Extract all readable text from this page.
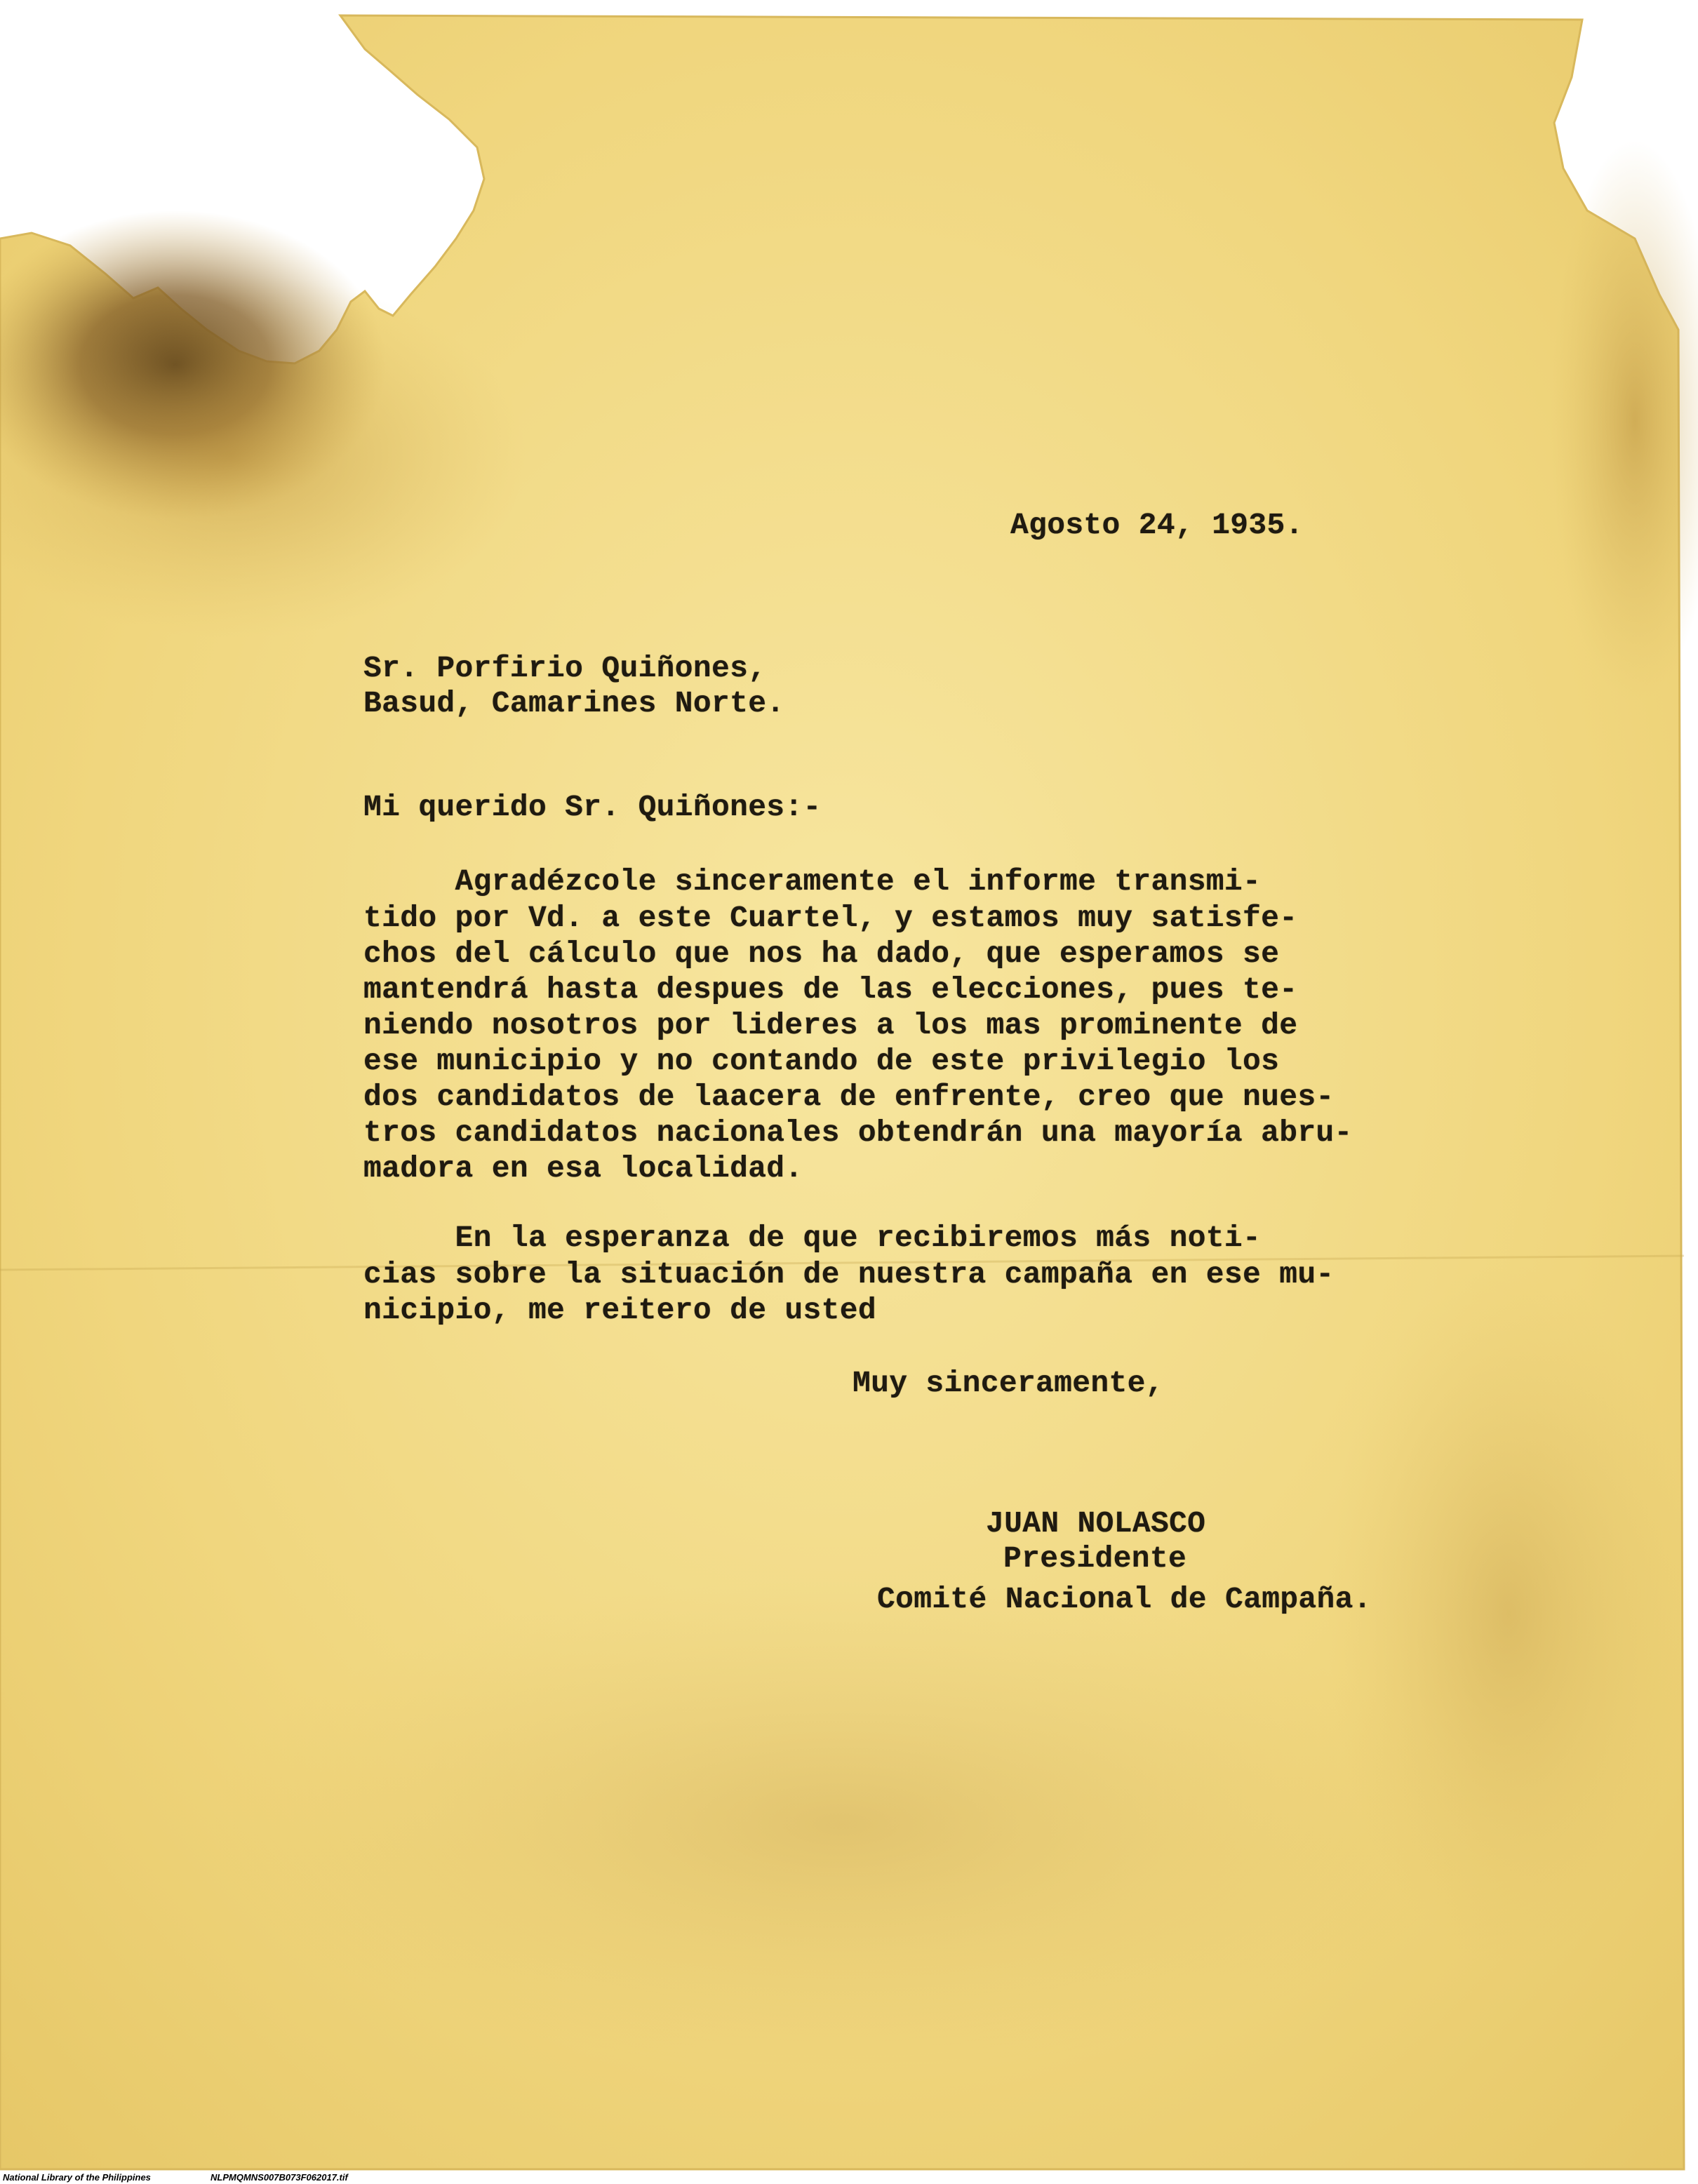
Agosto 24, 1935.
Sr. Porfirio Quiñones,
Basud, Camarines Norte.
Mi querido Sr. Quiñones:-
Agradézcole sinceramente el informe transmi-
tido por Vd. a este Cuartel, y estamos muy satisfe-
chos del cálculo que nos ha dado, que esperamos se
mantendrá hasta despues de las elecciones, pues te-
niendo nosotros por lideres a los mas prominente de
ese municipio y no contando de este privilegio los
dos candidatos de laacera de enfrente, creo que nues-
tros candidatos nacionales obtendrán una mayoría abru-
madora en esa localidad.
En la esperanza de que recibiremos más noti-
cias sobre la situación de nuestra campaña en ese mu-
nicipio, me reitero de usted
Muy sinceramente,
JUAN NOLASCO
Presidente
Comité Nacional de Campaña.
National Library of the Philippines	NLPMQMNS007B073F062017.tif
